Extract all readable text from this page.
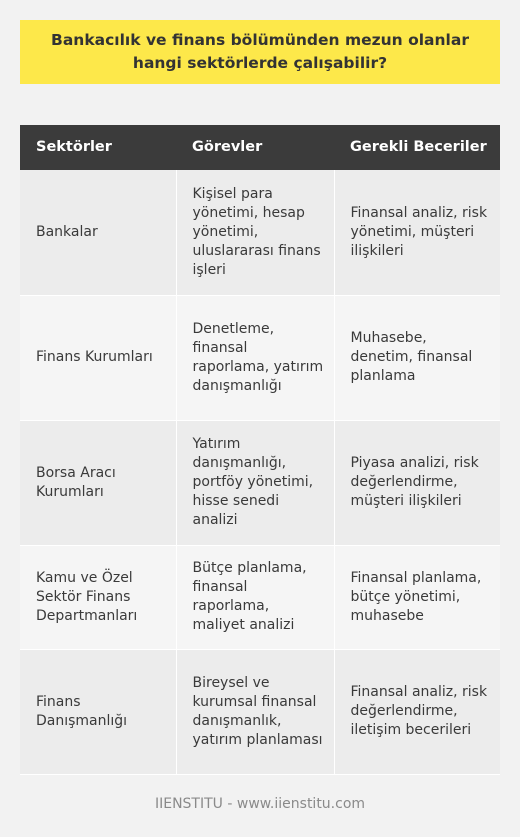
Bankacılık ve finans bölümünden mezun olanlar hangi sektörlerde çalışabilir?
Sektörler	Görevler	Gerekli Beceriler
Bankalar	Kişisel para yönetimi, hesap yönetimi, uluslararası finans işleri	Finansal analiz, risk yönetimi, müşteri ilişkileri
Finans Kurumları	Denetleme, finansal raporlama, yatırım danışmanlığı	Muhasebe, denetim, finansal planlama
Borsa Aracı Kurumları	Yatırım danışmanlığı, portföy yönetimi, hisse senedi analizi	Piyasa analizi, risk değerlendirme, müşteri ilişkileri
Kamu ve Özel Sektör Finans Departmanları	Bütçe planlama, finansal raporlama, maliyet analizi	Finansal planlama, bütçe yönetimi, muhasebe
Finans Danışmanlığı	Bireysel ve kurumsal finansal danışmanlık, yatırım planlaması	Finansal analiz, risk değerlendirme, iletişim becerileri
IIENSTITU - www.iienstitu.com
